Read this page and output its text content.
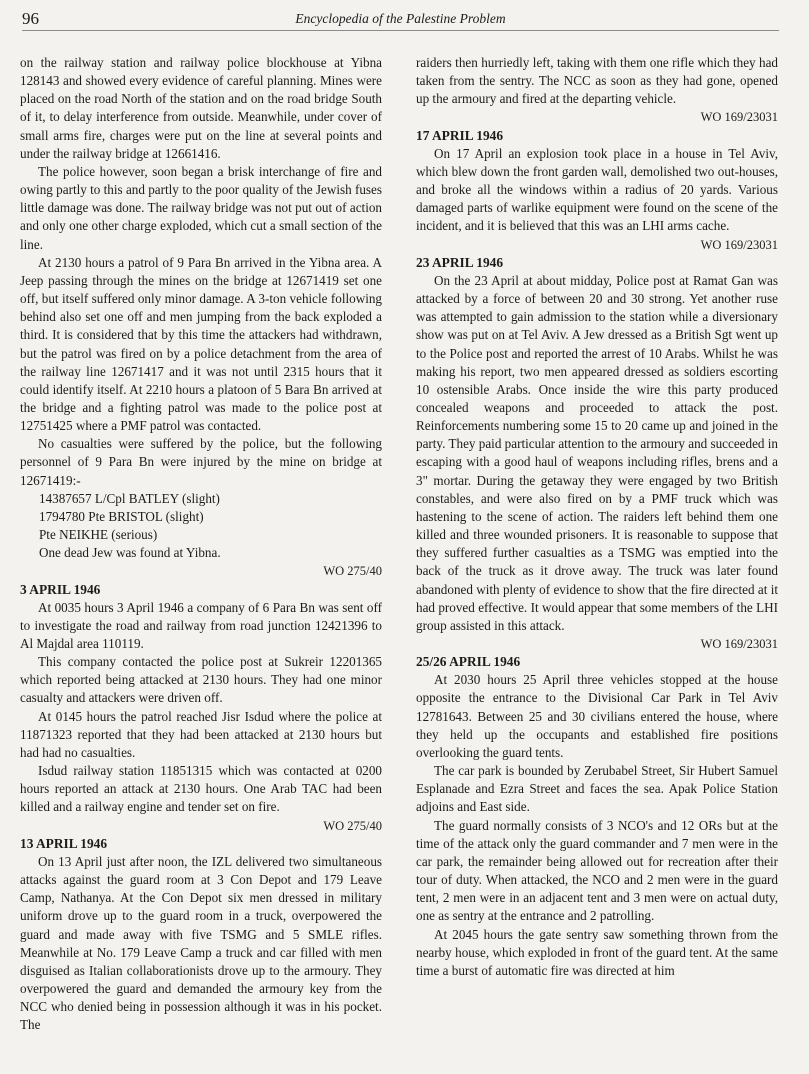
96	Encyclopedia of the Palestine Problem
on the railway station and railway police blockhouse at Yibna 128143 and showed every evidence of careful planning. Mines were placed on the road North of the station and on the road bridge South of it, to delay interference from outside. Meanwhile, under cover of small arms fire, charges were put on the line at several points and under the railway bridge at 12661416.
The police however, soon began a brisk interchange of fire and owing partly to this and partly to the poor quality of the Jewish fuses little damage was done. The railway bridge was not put out of action and only one other charge exploded, which cut a small section of the line.
At 2130 hours a patrol of 9 Para Bn arrived in the Yibna area. A Jeep passing through the mines on the bridge at 12671419 set one off, but itself suffered only minor damage. A 3-ton vehicle following behind also set one off and men jumping from the back exploded a third. It is considered that by this time the attackers had withdrawn, but the patrol was fired on by a police detachment from the area of the railway line 12671417 and it was not until 2315 hours that it could identify itself. At 2210 hours a platoon of 5 Bara Bn arrived at the bridge and a fighting patrol was made to the police post at 12751425 where a PMF patrol was contacted.
No casualties were suffered by the police, but the following personnel of 9 Para Bn were injured by the mine on bridge at 12671419:-
14387657 L/Cpl BATLEY (slight)
1794780 Pte BRISTOL (slight)
Pte NEIKHE (serious)
One dead Jew was found at Yibna.
WO 275/40
3 APRIL 1946
At 0035 hours 3 April 1946 a company of 6 Para Bn was sent off to investigate the road and railway from road junction 12421396 to Al Majdal area 110119.
This company contacted the police post at Sukreir 12201365 which reported being attacked at 2130 hours. They had one minor casualty and attackers were driven off.
At 0145 hours the patrol reached Jisr Isdud where the police at 11871323 reported that they had been attacked at 2130 hours but had had no casualties.
Isdud railway station 11851315 which was contacted at 0200 hours reported an attack at 2130 hours. One Arab TAC had been killed and a railway engine and tender set on fire.
WO 275/40
13 APRIL 1946
On 13 April just after noon, the IZL delivered two simultaneous attacks against the guard room at 3 Con Depot and 179 Leave Camp, Nathanya. At the Con Depot six men dressed in military uniform drove up to the guard room in a truck, overpowered the guard and made away with five TSMG and 5 SMLE rifles. Meanwhile at No. 179 Leave Camp a truck and car filled with men disguised as Italian collaborationists drove up to the armoury. They overpowered the guard and demanded the armoury key from the NCC who denied being in possession although it was in his pocket. The
raiders then hurriedly left, taking with them one rifle which they had taken from the sentry. The NCC as soon as they had gone, opened up the armoury and fired at the departing vehicle.
WO 169/23031
17 APRIL 1946
On 17 April an explosion took place in a house in Tel Aviv, which blew down the front garden wall, demolished two out-houses, and broke all the windows within a radius of 20 yards. Various damaged parts of warlike equipment were found on the scene of the incident, and it is believed that this was an LHI arms cache.
WO 169/23031
23 APRIL 1946
On the 23 April at about midday, Police post at Ramat Gan was attacked by a force of between 20 and 30 strong. Yet another ruse was attempted to gain admission to the station while a diversionary show was put on at Tel Aviv. A Jew dressed as a British Sgt went up to the Police post and reported the arrest of 10 Arabs. Whilst he was making his report, two men appeared dressed as soldiers escorting 10 ostensible Arabs. Once inside the wire this party produced concealed weapons and proceeded to attack the post. Reinforcements numbering some 15 to 20 came up and joined in the party. They paid particular attention to the armoury and succeeded in escaping with a good haul of weapons including rifles, brens and a 3" mortar. During the getaway they were engaged by two British constables, and were also fired on by a PMF truck which was hastening to the scene of action. The raiders left behind them one killed and three wounded prisoners. It is reasonable to suppose that they suffered further casualties as a TSMG was emptied into the back of the truck as it drove away. The truck was later found abandoned with plenty of evidence to show that the fire directed at it had proved effective. It would appear that some members of the LHI group assisted in this attack.
WO 169/23031
25/26 APRIL 1946
At 2030 hours 25 April three vehicles stopped at the house opposite the entrance to the Divisional Car Park in Tel Aviv 12781643. Between 25 and 30 civilians entered the house, where they held up the occupants and established fire positions overlooking the guard tents.
The car park is bounded by Zerubabel Street, Sir Hubert Samuel Esplanade and Ezra Street and faces the sea. Apak Police Station adjoins and East side.
The guard normally consists of 3 NCO's and 12 ORs but at the time of the attack only the guard commander and 7 men were in the car park, the remainder being allowed out for recreation after their tour of duty. When attacked, the NCO and 2 men were in the guard tent, 2 men were in an adjacent tent and 3 men were on actual duty, one as sentry at the entrance and 2 patrolling.
At 2045 hours the gate sentry saw something thrown from the nearby house, which exploded in front of the guard tent. At the same time a burst of automatic fire was directed at him
